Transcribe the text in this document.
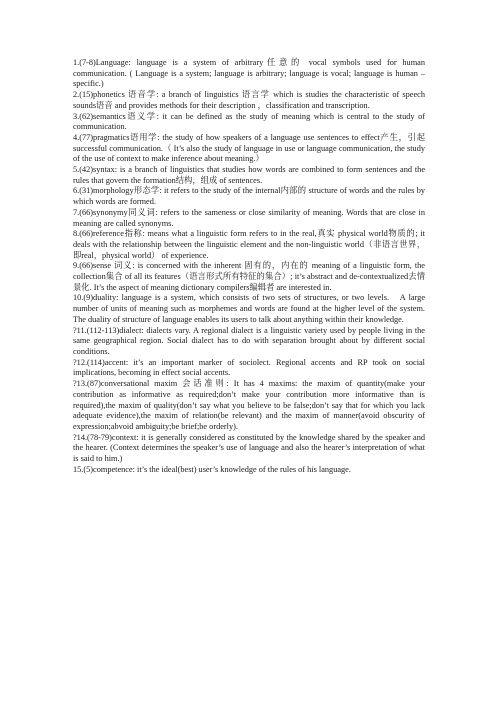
1.(7-8)Language: language is a system of arbitrary任意的 vocal symbols used for human communication. ( Language is a system; language is arbitrary; language is vocal; language is human –specific.)

2.(15)phonetics 语音学: a branch of linguistics 语言学 which is studies the characteristic of speech sounds语音 and provides methods for their description ，classification and transcription.

3.(62)semantics语义学: it can be defined as the study of meaning which is central to the study of communication.

4.(77)pragmatics语用学: the study of how speakers of a language use sentences to effect产生，引起 successful communication.（ It’s also the study of language in use or language communication, the study of the use of context to make inference about meaning.）

5.(42)syntax: is a branch of linguistics that studies how words are combined to form sentences and the rules that govern the formation结构，组成 of sentences.

6.(31)morphology形态学: it refers to the study of the internal内部的 structure of words and the rules by which words are formed.

7.(66)synonymy同义词: refers to the sameness or close similarity of meaning. Words that are close in meaning are called synonyms.

8.(66)reference指称: means what a linguistic form refers to in the real,真实 physical world物质的; it deals with the relationship between the linguistic element and the non-linguistic world（非语言世界，即real，physical world） of experience.

9.(66)sense 词义: is concerned with the inherent 固有的，内在的 meaning of a linguistic form, the collection集合 of all its features（语言形式所有特征的集合）; it’s abstract and de-contextualized去情景化. It’s the aspect of meaning dictionary compilers编辑者 are interested in.

10.(9)duality: language is a system, which consists of two sets of structures, or two levels.　A large number of units of meaning such as morphemes and words are found at the higher level of the system. The duality of structure of language enables its users to talk about anything within their knowledge.

?11.(112-113)dialect: dialects vary. A regional dialect is a linguistic variety used by people living in the same geographical region. Social dialect has to do with separation brought about by different social conditions.

?12.(114)accent: it’s an important marker of sociolect. Regional accents and RP took on social implications, becoming in effect social accents.

?13.(87)conversational maxim 会话准则: It has 4 maxims: the maxim of quantity(make your contribution as informative as required;don’t make your contribution more informative than is required),the maxim of quality(don’t say what you believe to be false;don’t say that for which you lack adequate evidence),the maxim of relation(be relevant) and the maxim of manner(avoid obscurity of expression;abvoid ambiguity;be brief;be orderly).

?14.(78-79)context: it is generally considered as constituted by the knowledge shared by the speaker and the hearer. (Context determines the speaker’s use of language and also the hearer’s interpretation of what is said to him.)

15.(5)competence: it’s the ideal(best) user’s knowledge of the rules of his language.
